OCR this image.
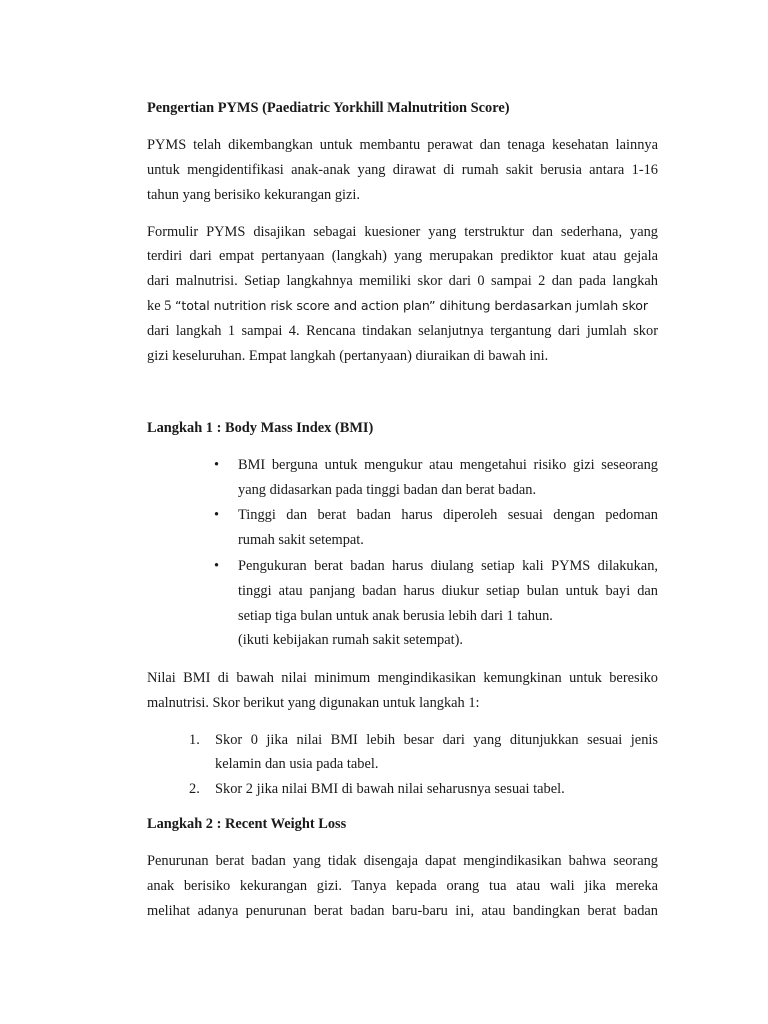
Pengertian PYMS (Paediatric Yorkhill Malnutrition Score)
PYMS telah dikembangkan untuk membantu perawat dan tenaga kesehatan lainnya
untuk mengidentifikasi anak-anak yang dirawat di rumah sakit berusia antara 1-16
tahun yang berisiko kekurangan gizi.
Formulir PYMS disajikan sebagai kuesioner yang terstruktur dan sederhana, yang
terdiri dari empat pertanyaan (langkah) yang merupakan prediktor kuat atau gejala
dari malnutrisi. Setiap langkahnya memiliki skor dari 0 sampai 2 dan pada langkah
ke 5 “total nutrition risk score and action plan” dihitung berdasarkan jumlah skor
dari langkah 1 sampai 4. Rencana tindakan selanjutnya tergantung dari jumlah skor
gizi keseluruhan. Empat langkah (pertanyaan) diuraikan di bawah ini.
Langkah 1 : Body Mass Index (BMI)
• BMI berguna untuk mengukur atau mengetahui risiko gizi seseorang
yang didasarkan pada tinggi badan dan berat badan.
• Tinggi dan berat badan harus diperoleh sesuai dengan pedoman
rumah sakit setempat.
• Pengukuran berat badan harus diulang setiap kali PYMS dilakukan,
tinggi atau panjang badan harus diukur setiap bulan untuk bayi dan
setiap tiga bulan untuk anak berusia lebih dari 1 tahun.
(ikuti kebijakan rumah sakit setempat).
Nilai BMI di bawah nilai minimum mengindikasikan kemungkinan untuk beresiko
malnutrisi. Skor berikut yang digunakan untuk langkah 1:
1. Skor 0 jika nilai BMI lebih besar dari yang ditunjukkan sesuai jenis
kelamin dan usia pada tabel.
2. Skor 2 jika nilai BMI di bawah nilai seharusnya sesuai tabel.
Langkah 2 : Recent Weight Loss
Penurunan berat badan yang tidak disengaja dapat mengindikasikan bahwa seorang
anak berisiko kekurangan gizi. Tanya kepada orang tua atau wali jika mereka
melihat adanya penurunan berat badan baru-baru ini, atau bandingkan berat badan
